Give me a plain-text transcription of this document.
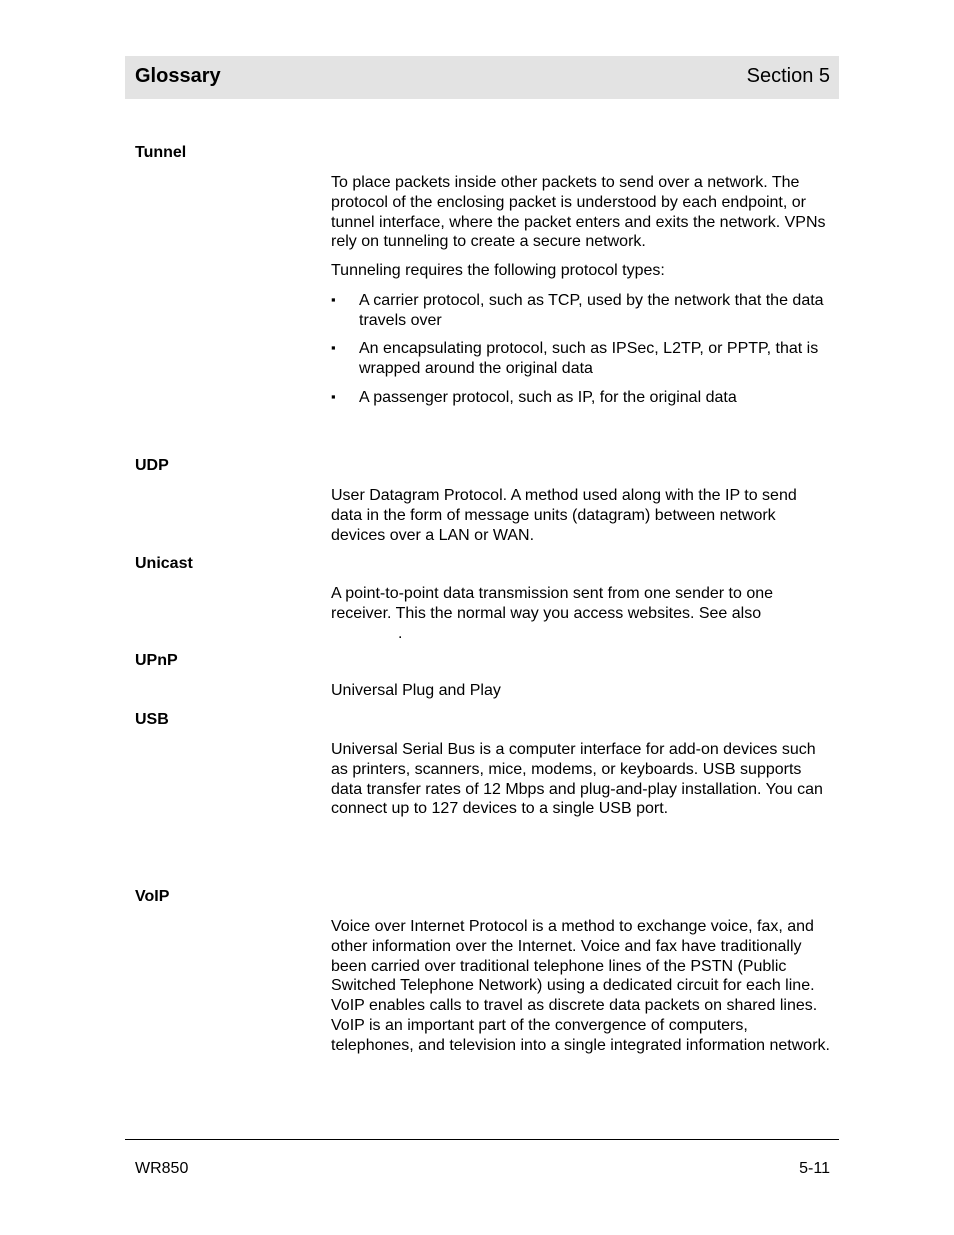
Glossary	Section 5
Tunnel

To place packets inside other packets to send over a network. The protocol of the enclosing packet is understood by each endpoint, or tunnel interface, where the packet enters and exits the network. VPNs rely on tunneling to create a secure network.

Tunneling requires the following protocol types:

▪ A carrier protocol, such as TCP, used by the network that the data travels over
▪ An encapsulating protocol, such as IPSec, L2TP, or PPTP, that is wrapped around the original data
▪ A passenger protocol, such as IP, for the original data
UDP

User Datagram Protocol. A method used along with the IP to send data in the form of message units (datagram) between network devices over a LAN or WAN.

Unicast

A point-to-point data transmission sent from one sender to one receiver. This the normal way you access websites. See also

.
UPnP

Universal Plug and Play

USB

Universal Serial Bus is a computer interface for add-on devices such as printers, scanners, mice, modems, or keyboards. USB supports data transfer rates of 12 Mbps and plug-and-play installation. You can connect up to 127 devices to a single USB port.

VoIP

Voice over Internet Protocol is a method to exchange voice, fax, and other information over the Internet. Voice and fax have traditionally been carried over traditional telephone lines of the PSTN (Public Switched Telephone Network) using a dedicated circuit for each line. VoIP enables calls to travel as discrete data packets on shared lines. VoIP is an important part of the convergence of computers, telephones, and television into a single integrated information network.

WR850	5-11
